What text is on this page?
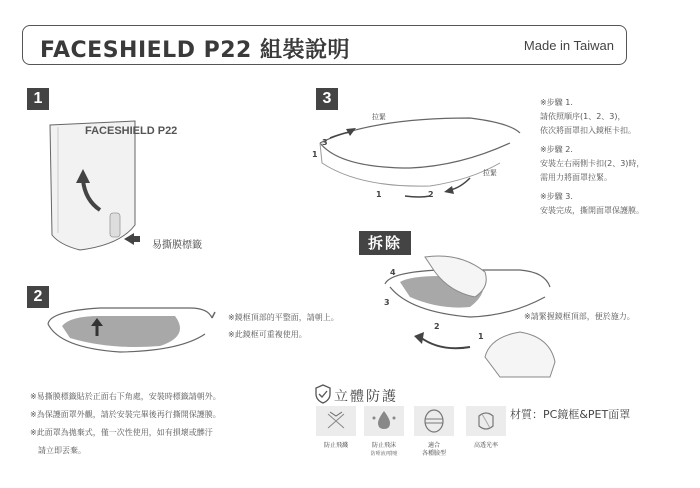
FACESHIELD P22 組裝說明	Made in Taiwan
1
FACESHIELD P22
易撕膜標籤
2
※鏡框頂部的平整面，請朝上。
※此鏡框可重複使用。
3
拉緊
拉緊
3
1
1	2
※步驟 1.
請依照順序(1、2、3)，
依次將面罩扣入鏡框卡扣。
※步驟 2.
安裝左右兩側卡扣(2、3)時，
需用力將面罩拉緊。
※步驟 3.
安裝完成，撕開面罩保護膜。
拆除
4
3
2
1
※請緊握鏡框頂部，便於施力。
※易撕膜標籤貼於正面右下角處，安裝時標籤請朝外。
※為保護面罩外觀，請於安裝完畢後再行撕開保護膜。
※此面罩為拋棄式，僅一次性使用，如有損壞或髒汙
請立即丟棄。
立體防護
防止飛濺	防止飛沫
防唾液/噴嚏
適合
各種臉型
高透光率
材質：PC鏡框&PET面罩
